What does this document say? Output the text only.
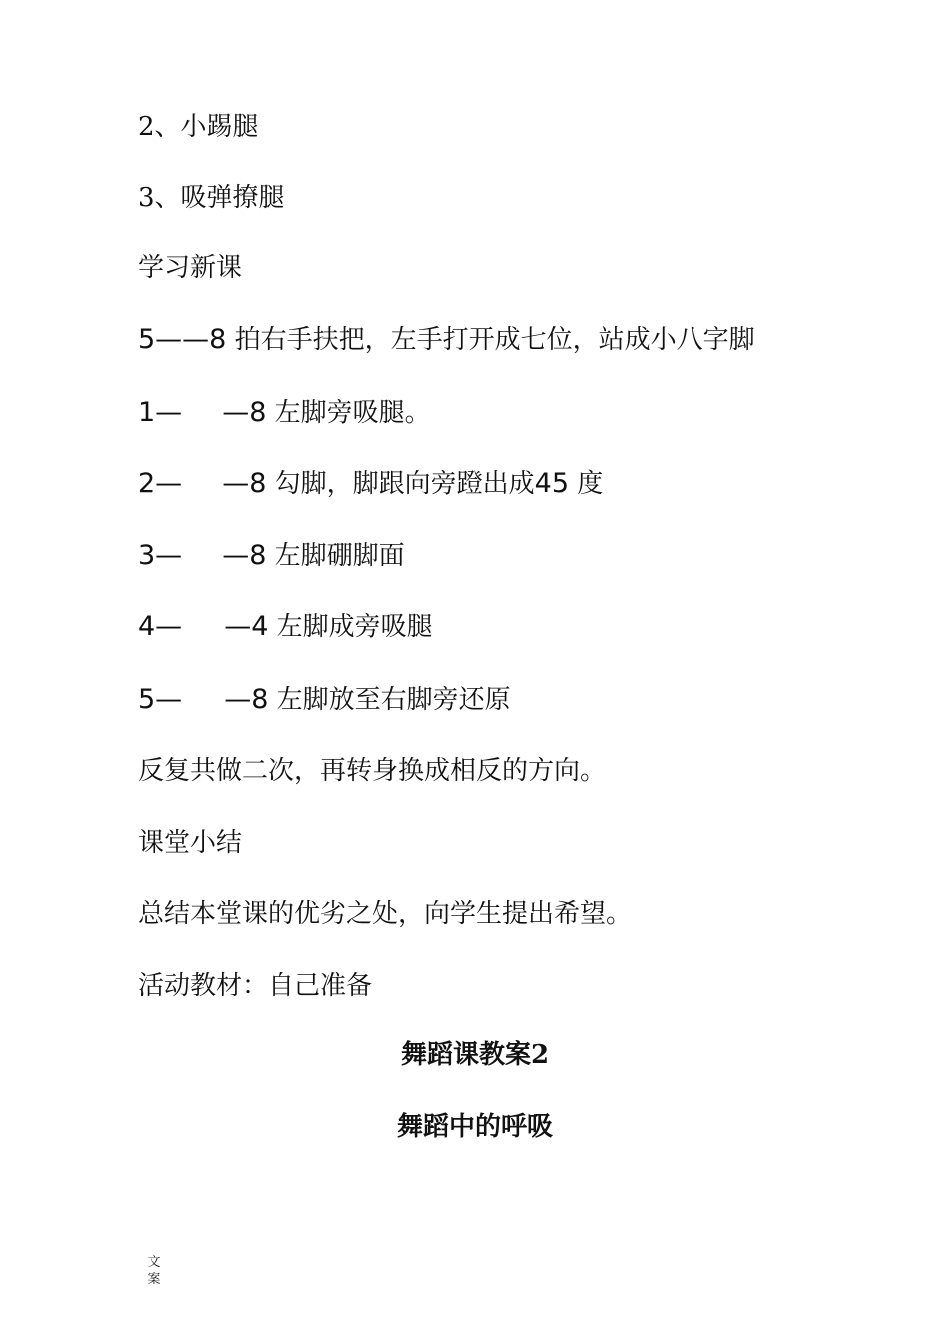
2、小踢腿
3、吸弹撩腿
学习新课
5——8 拍右手扶把，左手打开成七位，站成小八字脚
1— —8 左脚旁吸腿。
2— —8 勾脚，脚跟向旁蹬出成45 度
3— —8 左脚硼脚面
4— —4 左脚成旁吸腿
5— —8 左脚放至右脚旁还原
反复共做二次，再转身换成相反的方向。
课堂小结
总结本堂课的优劣之处，向学生提出希望。
活动教材：自己准备
舞蹈课教案2
舞蹈中的呼吸
文案
